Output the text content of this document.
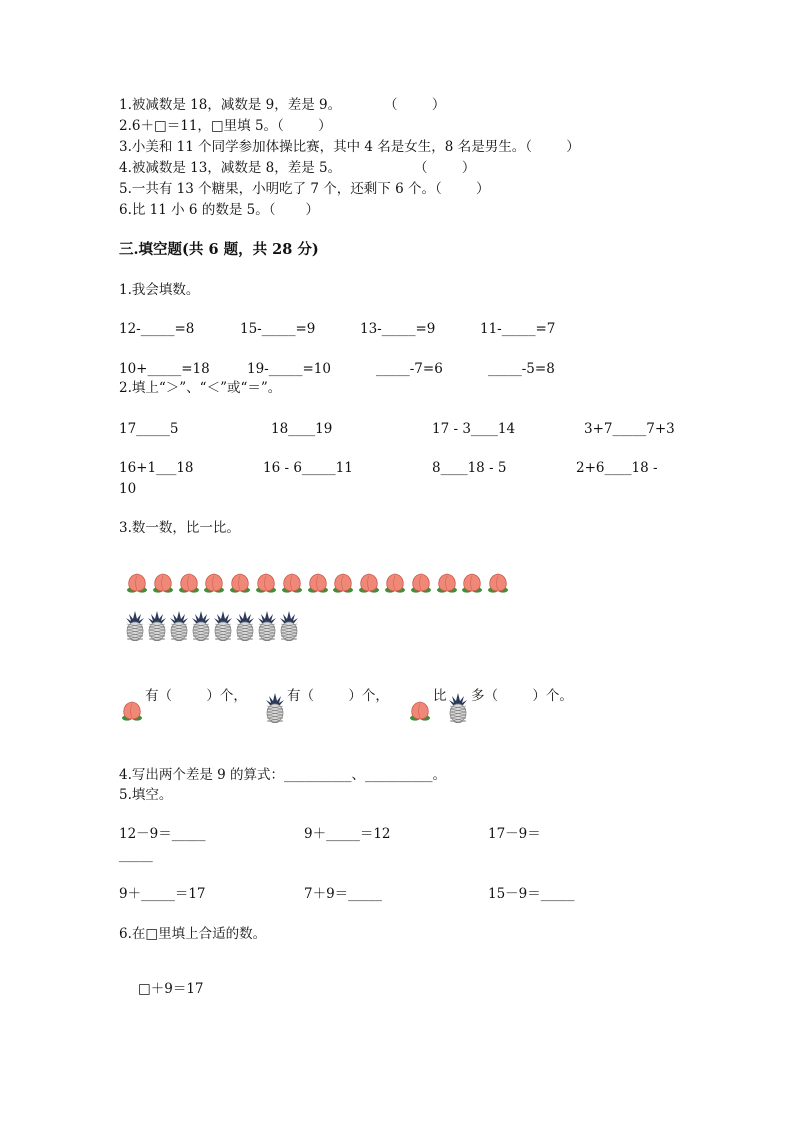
1.被减数是 18，减数是 9，差是 9。          （        ）
2.6＋□＝11，□里填 5。（        ）
3.小美和 11 个同学参加体操比赛，其中 4 名是女生，8 名是男生。（        ）
4.被减数是 13，减数是 8，差是 5。                 （        ）
5.一共有 13 个糖果，小明吃了 7 个，还剩下 6 个。（        ）
6.比 11 小 6 的数是 5。（       ）
三.填空题(共 6 题，共 28 分)
1.我会填数。
12-_____=8	15-_____=9	13-_____=9	11-_____=7
10+_____=18	19-_____=10	_____-7=6	_____-5=8
2.填上“＞”、“＜”或“＝”。
17_____5	18____19	17 - 3____14	3+7_____7+3
16+1___18	16 - 6_____11	8____18 - 5	2+6____18 -
10
3.数一数，比一比。
有（        ）个，	有（        ）个，	比 多（        ）个。
4.写出两个差是 9 的算式：__________、__________。
5.填空。
12－9＝_____	9＋_____＝12	17－9＝
_____
9＋_____＝17	7＋9＝_____	15－9＝_____
6.在□里填上合适的数。
□＋9＝17
